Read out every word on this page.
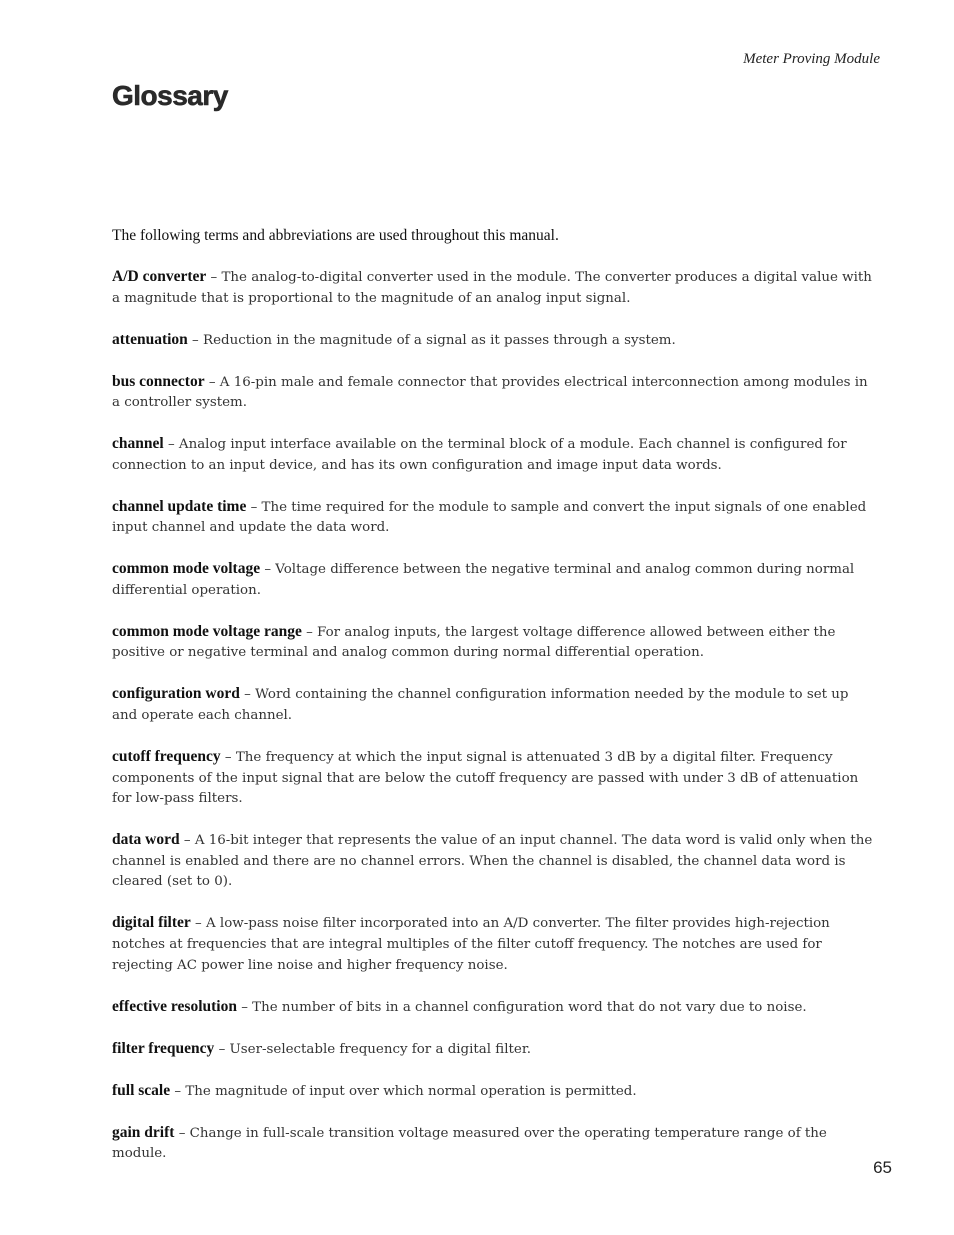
Meter Proving Module
Glossary

The following terms and abbreviations are used throughout this manual.

A/D converter – The analog-to-digital converter used in the module. The converter produces a digital value with a magnitude that is proportional to the magnitude of an analog input signal.
attenuation – Reduction in the magnitude of a signal as it passes through a system.
bus connector – A 16-pin male and female connector that provides electrical interconnection among modules in a controller system.
channel – Analog input interface available on the terminal block of a module. Each channel is configured for connection to an input device, and has its own configuration and image input data words.
channel update time – The time required for the module to sample and convert the input signals of one enabled input channel and update the data word.
common mode voltage – Voltage difference between the negative terminal and analog common during normal differential operation.
common mode voltage range – For analog inputs, the largest voltage difference allowed between either the positive or negative terminal and analog common during normal differential operation.
configuration word – Word containing the channel configuration information needed by the module to set up and operate each channel.
cutoff frequency – The frequency at which the input signal is attenuated 3 dB by a digital filter. Frequency components of the input signal that are below the cutoff frequency are passed with under 3 dB of attenuation for low-pass filters.
data word – A 16-bit integer that represents the value of an input channel. The data word is valid only when the channel is enabled and there are no channel errors. When the channel is disabled, the channel data word is cleared (set to 0).
digital filter – A low-pass noise filter incorporated into an A/D converter. The filter provides high-rejection notches at frequencies that are integral multiples of the filter cutoff frequency. The notches are used for rejecting AC power line noise and higher frequency noise.
effective resolution – The number of bits in a channel configuration word that do not vary due to noise.
filter frequency – User-selectable frequency for a digital filter.
full scale – The magnitude of input over which normal operation is permitted.
gain drift – Change in full-scale transition voltage measured over the operating temperature range of the module.
65
